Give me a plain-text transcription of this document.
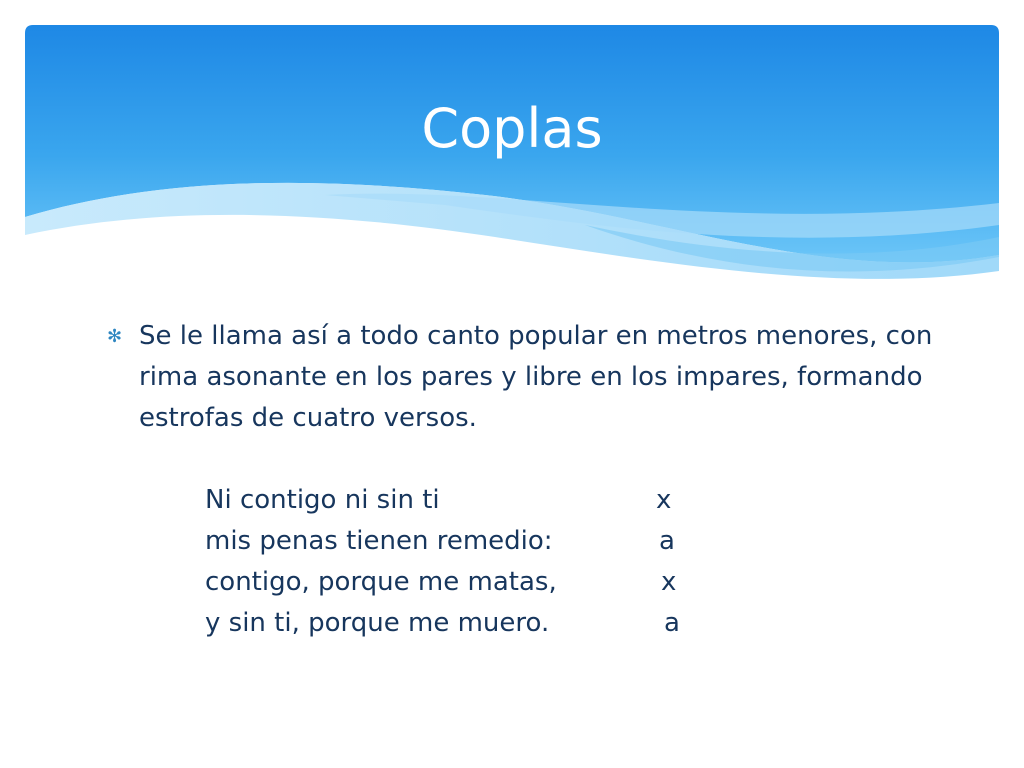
Coplas
✻ Se le llama así a todo canto popular en metros menores, con rima asonante en los pares y libre en los impares, formando estrofas de cuatro versos.
Ni contigo ni sin ti	x
mis penas tienen remedio:	a
contigo, porque me matas,	x
y sin ti, porque me muero.	a
